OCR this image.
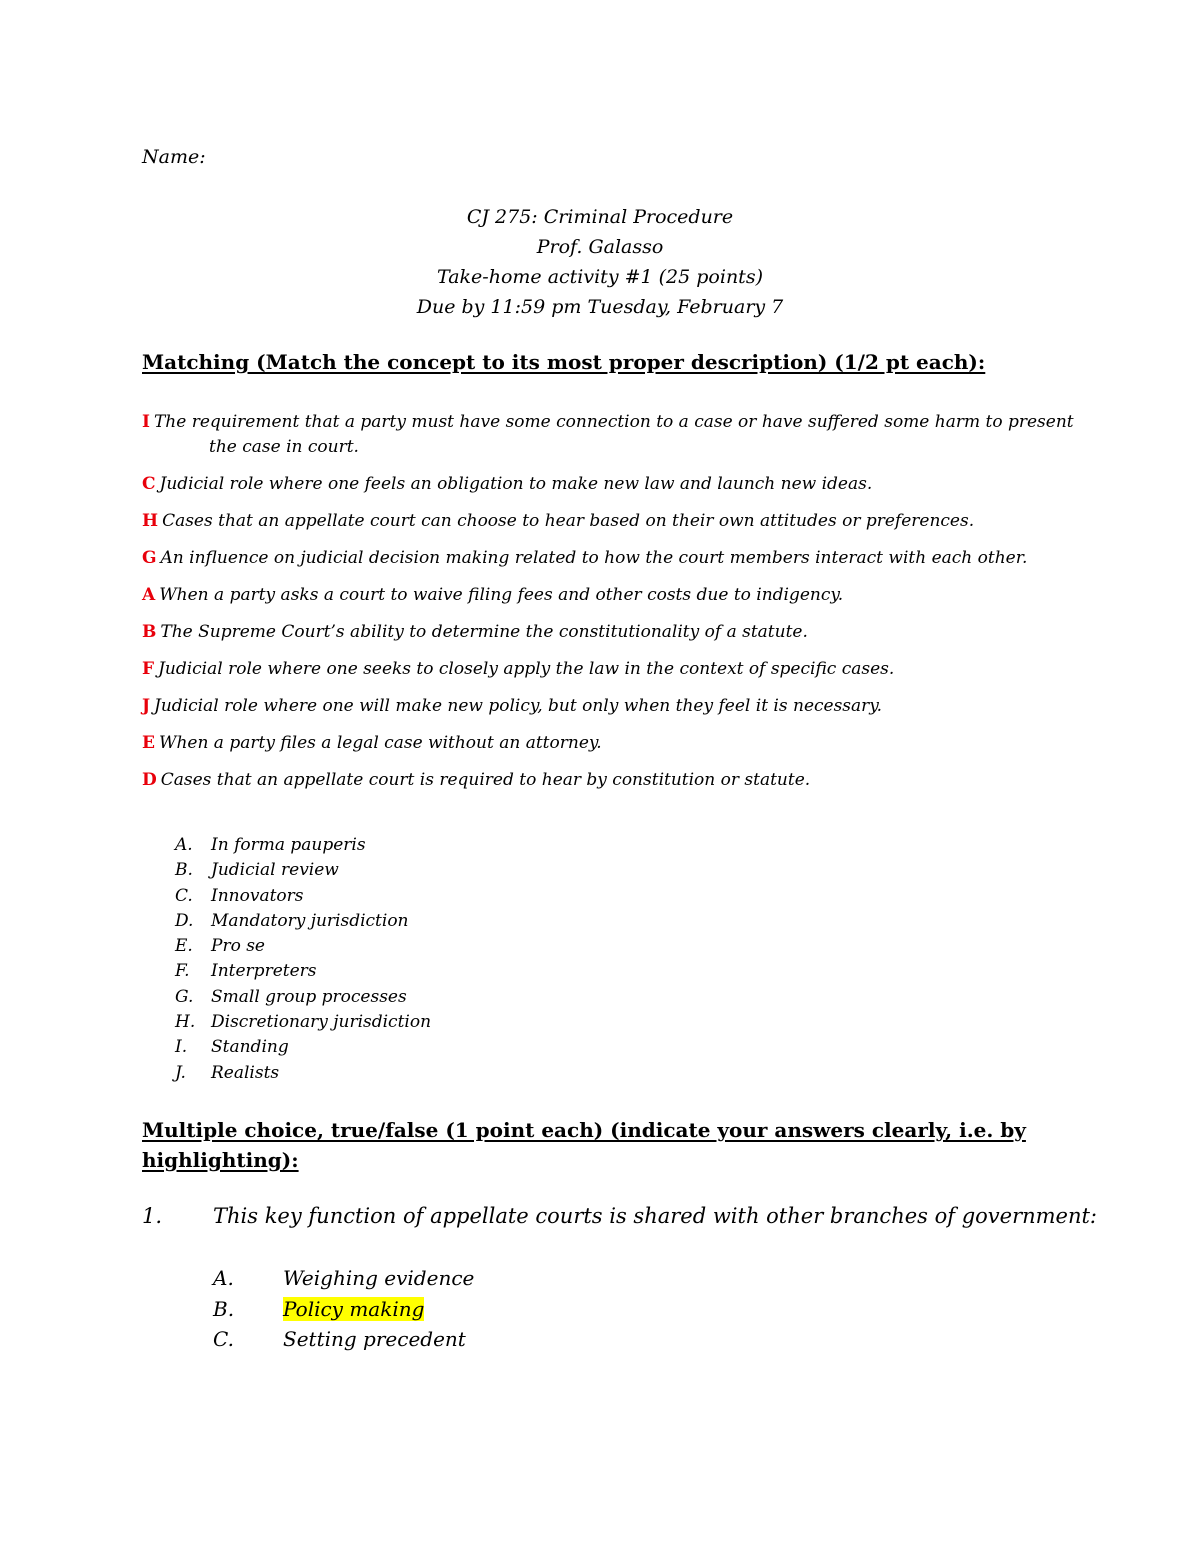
Name:
CJ 275: Criminal Procedure
Prof. Galasso
Take-home activity #1 (25 points)
Due by 11:59 pm Tuesday, February 7
Matching (Match the concept to its most proper description) (1/2 pt each):
I The requirement that a party must have some connection to a case or have suffered some harm to present the case in court.
C Judicial role where one feels an obligation to make new law and launch new ideas.
H Cases that an appellate court can choose to hear based on their own attitudes or preferences.
G An influence on judicial decision making related to how the court members interact with each other.
A When a party asks a court to waive filing fees and other costs due to indigency.
B The Supreme Court’s ability to determine the constitutionality of a statute.
F Judicial role where one seeks to closely apply the law in the context of specific cases.
J Judicial role where one will make new policy, but only when they feel it is necessary.
E When a party files a legal case without an attorney.
D Cases that an appellate court is required to hear by constitution or statute.
A. In forma pauperis
B. Judicial review
C. Innovators
D. Mandatory jurisdiction
E. Pro se
F. Interpreters
G. Small group processes
H. Discretionary jurisdiction
I. Standing
J. Realists
Multiple choice, true/false (1 point each) (indicate your answers clearly, i.e. by
highlighting):
1. This key function of appellate courts is shared with other branches of government:
A. Weighing evidence
B. Policy making
C. Setting precedent
